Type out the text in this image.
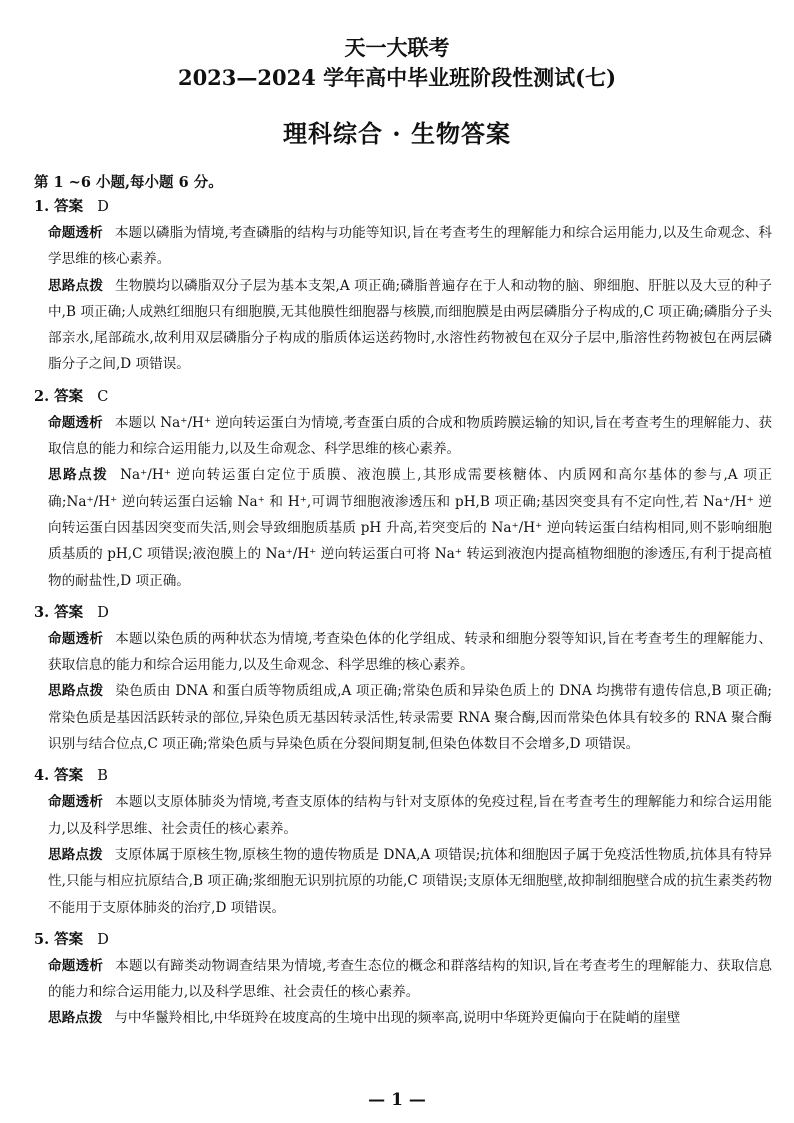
天一大联考
2023—2024 学年高中毕业班阶段性测试(七)
理科综合 · 生物答案
第 1 ~6 小题,每小题 6 分。
1. 答案 D
命题透析 本题以磷脂为情境,考查磷脂的结构与功能等知识,旨在考查考生的理解能力和综合运用能力,以及生命观念、科学思维的核心素养。
思路点拨 生物膜均以磷脂双分子层为基本支架,A 项正确;磷脂普遍存在于人和动物的脑、卵细胞、肝脏以及大豆的种子中,B 项正确;人成熟红细胞只有细胞膜,无其他膜性细胞器与核膜,而细胞膜是由两层磷脂分子构成的,C 项正确;磷脂分子头部亲水,尾部疏水,故利用双层磷脂分子构成的脂质体运送药物时,水溶性药物被包在双分子层中,脂溶性药物被包在两层磷脂分子之间,D 项错误。
2. 答案 C
命题透析 本题以 Na⁺/H⁺ 逆向转运蛋白为情境,考查蛋白质的合成和物质跨膜运输的知识,旨在考查考生的理解能力、获取信息的能力和综合运用能力,以及生命观念、科学思维的核心素养。
思路点拨 Na⁺/H⁺ 逆向转运蛋白定位于质膜、液泡膜上,其形成需要核糖体、内质网和高尔基体的参与,A 项正确;Na⁺/H⁺ 逆向转运蛋白运输 Na⁺ 和 H⁺,可调节细胞液渗透压和 pH,B 项正确;基因突变具有不定向性,若 Na⁺/H⁺ 逆向转运蛋白因基因突变而失活,则会导致细胞质基质 pH 升高,若突变后的 Na⁺/H⁺ 逆向转运蛋白结构相同,则不影响细胞质基质的 pH,C 项错误;液泡膜上的 Na⁺/H⁺ 逆向转运蛋白可将 Na⁺ 转运到液泡内提高植物细胞的渗透压,有利于提高植物的耐盐性,D 项正确。
3. 答案 D
命题透析 本题以染色质的两种状态为情境,考查染色体的化学组成、转录和细胞分裂等知识,旨在考查考生的理解能力、获取信息的能力和综合运用能力,以及生命观念、科学思维的核心素养。
思路点拨 染色质由 DNA 和蛋白质等物质组成,A 项正确;常染色质和异染色质上的 DNA 均携带有遗传信息,B 项正确;常染色质是基因活跃转录的部位,异染色质无基因转录活性,转录需要 RNA 聚合酶,因而常染色体具有较多的 RNA 聚合酶识别与结合位点,C 项正确;常染色质与异染色质在分裂间期复制,但染色体数目不会增多,D 项错误。
4. 答案 B
命题透析 本题以支原体肺炎为情境,考查支原体的结构与针对支原体的免疫过程,旨在考查考生的理解能力和综合运用能力,以及科学思维、社会责任的核心素养。
思路点拨 支原体属于原核生物,原核生物的遗传物质是 DNA,A 项错误;抗体和细胞因子属于免疫活性物质,抗体具有特异性,只能与相应抗原结合,B 项正确;浆细胞无识别抗原的功能,C 项错误;支原体无细胞壁,故抑制细胞壁合成的抗生素类药物不能用于支原体肺炎的治疗,D 项错误。
5. 答案 D
命题透析 本题以有蹄类动物调查结果为情境,考查生态位的概念和群落结构的知识,旨在考查考生的理解能力、获取信息的能力和综合运用能力,以及科学思维、社会责任的核心素养。
思路点拨 与中华鬣羚相比,中华斑羚在坡度高的生境中出现的频率高,说明中华斑羚更偏向于在陡峭的崖壁
— 1 —
